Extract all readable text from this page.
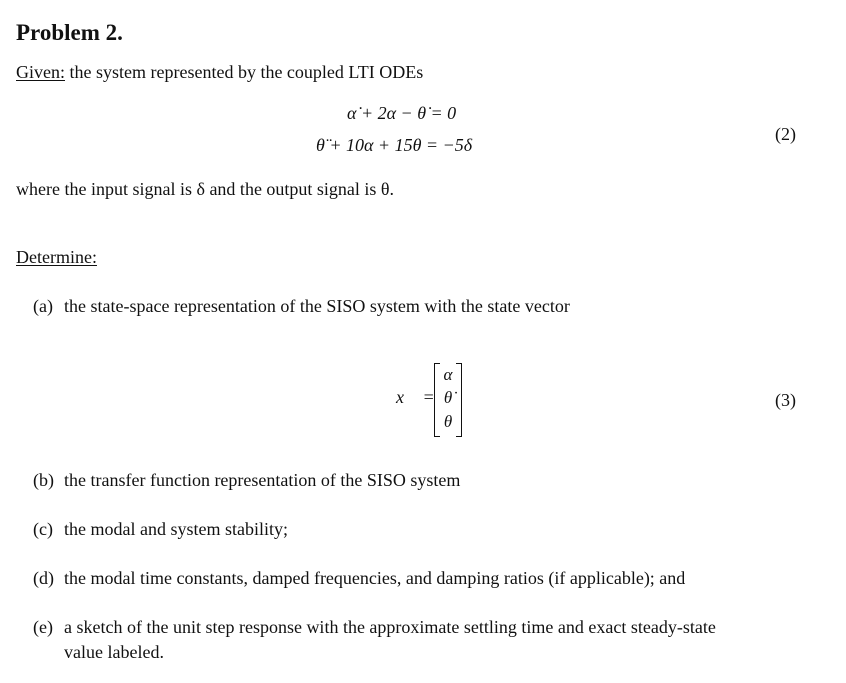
Problem 2.
Given: the system represented by the coupled LTI ODEs
α̇ + 2α − θ̇ = 0
θ̈ + 10α + 15θ = −5δ
(2)
where the input signal is δ and the output signal is θ.
Determine:
(a) the state-space representation of the SISO system with the state vector
x⃗ =
α
θ̇
θ
(3)
(b) the transfer function representation of the SISO system
(c) the modal and system stability;
(d) the modal time constants, damped frequencies, and damping ratios (if applicable); and
(e) a sketch of the unit step response with the approximate settling time and exact steady-state
value labeled.
